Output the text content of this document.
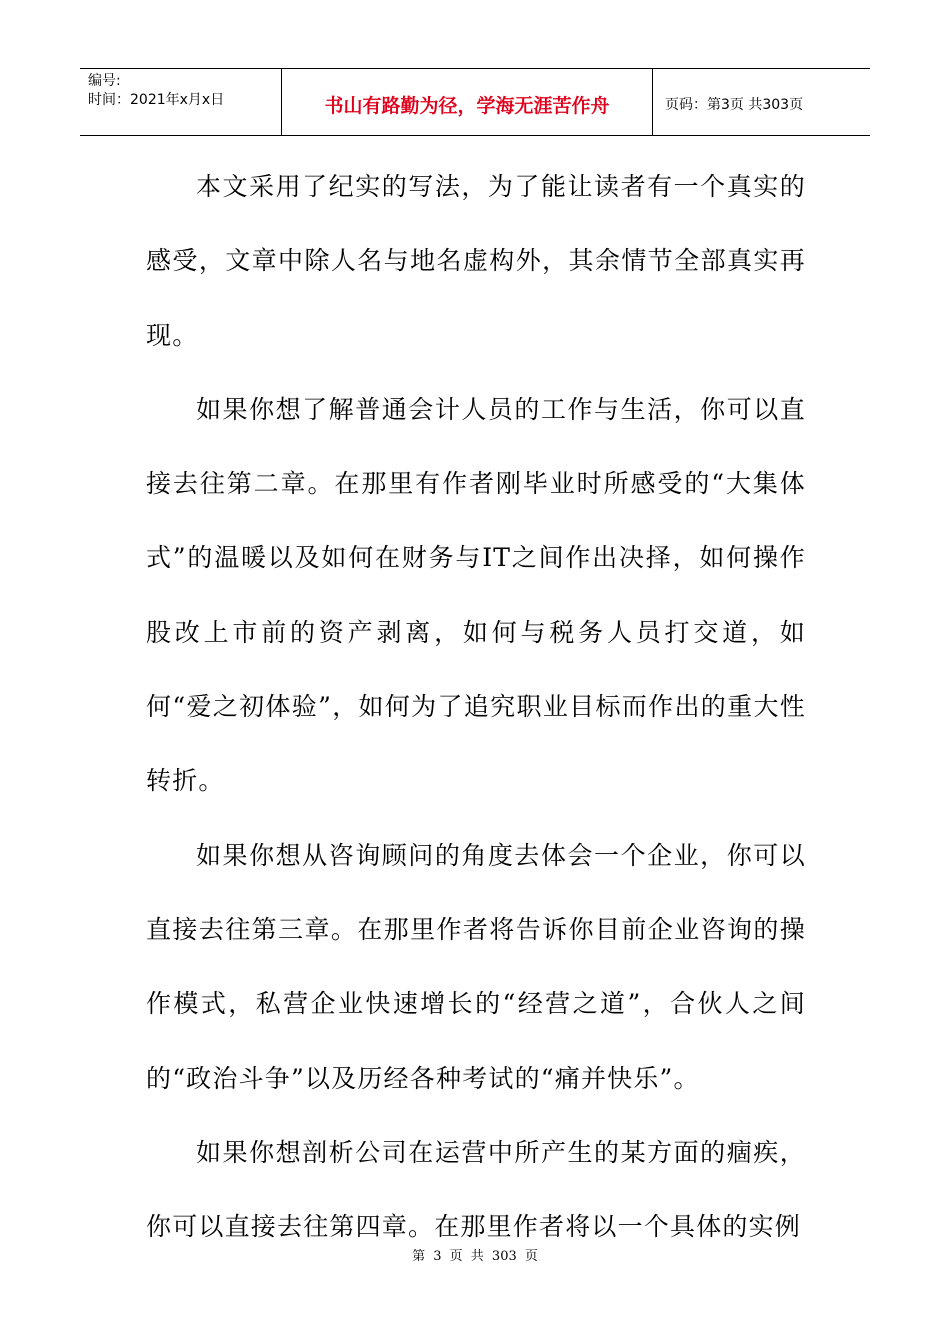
编号:
时间：2021年x月x日	书山有路勤为径，学海无涯苦作舟	页码：第3页 共303页

本文采用了纪实的写法，为了能让读者有一个真实的感受，文章中除人名与地名虚构外，其余情节全部真实再现。

如果你想了解普通会计人员的工作与生活，你可以直接去往第二章。在那里有作者刚毕业时所感受的“大集体式”的温暖以及如何在财务与IT之间作出决择，如何操作股改上市前的资产剥离，如何与税务人员打交道，如何“爱之初体验”，如何为了追究职业目标而作出的重大性转折。

如果你想从咨询顾问的角度去体会一个企业，你可以直接去往第三章。在那里作者将告诉你目前企业咨询的操作模式，私营企业快速增长的“经营之道”，合伙人之间的“政治斗争”以及历经各种考试的“痛并快乐”。

如果你想剖析公司在运营中所产生的某方面的痼疾，你可以直接去往第四章。在那里作者将以一个具体的实例

第 3 页 共 303 页
